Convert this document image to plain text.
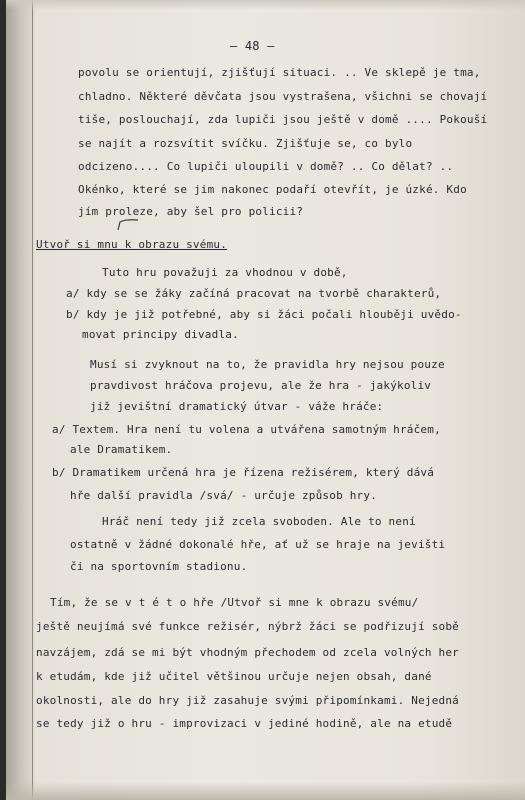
– 48 –
povolu se orientují, zjišťují situaci. .. Ve sklepě je tma,
chladno. Některé děvčata jsou vystrašena, všichni se chovají
tiše, poslouchají, zda lupiči jsou ještě v domě .... Pokouší
se najít a rozsvítit svíčku. Zjišťuje se, co bylo
odcizeno.... Co lupiči uloupili v domě? .. Co dělat? ..
Okénko, které se jim nakonec podaří otevřít, je úzké. Kdo
jím proleze, aby šel pro policii?
Utvoř si mnu k obrazu svému.
Tuto hru považuji za vhodnou v době,
a/ kdy se se žáky začíná pracovat na tvorbě charakterů,
b/ kdy je již potřebné, aby si žáci počali hlouběji uvědo-
movat principy divadla.
Musí si zvyknout na to, že pravidla hry nejsou pouze
pravdivost hráčova projevu, ale že hra - jakýkoliv
již jevištní dramatický útvar - váže hráče:
a/ Textem. Hra není tu volena a utvářena samotným hráčem,
ale Dramatikem.
b/ Dramatikem určená hra je řízena režisérem, který dává
hře další pravidla /svá/ - určuje způsob hry.
Hráč není tedy již zcela svoboden. Ale to není
ostatně v žádné dokonalé hře, ať už se hraje na jevišti
či na sportovním stadionu.
Tím, že se v t é t o hře /Utvoř si mne k obrazu svému/
ještě neujímá své funkce režisér, nýbrž žáci se podřizují sobě
navzájem, zdá se mi být vhodným přechodem od zcela volných her
k etudám, kde již učitel většinou určuje nejen obsah, dané
okolnosti, ale do hry již zasahuje svými připomínkami. Nejedná
se tedy již o hru - improvizaci v jediné hodině, ale na etudě
